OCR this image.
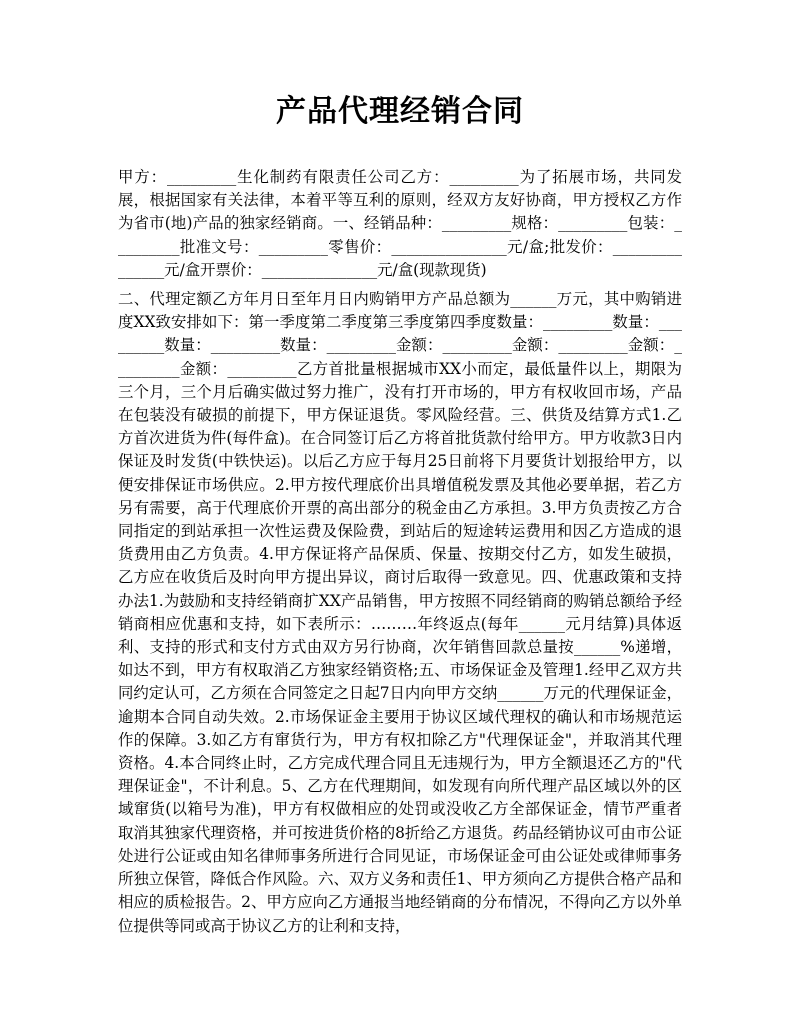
产品代理经销合同

甲方：_________生化制药有限责任公司乙方：_________为了拓展市场，共同发展，根据国家有关法律，本着平等互利的原则，经双方友好协商，甲方授权乙方作为省市(地)产品的独家经销商。一、经销品种：_________规格：_________包装：_________批准文号：_________零售价：_______________元/盒;批发价：_______________元/盒开票价：_______________元/盒(现款现货)

二、代理定额乙方年月日至年月日内购销甲方产品总额为______万元，其中购销进度XX致安排如下：第一季度第二季度第三季度第四季度数量：_________数量：_________数量：_________数量：_________金额：_________金额：_________金额：_________金额：_________乙方首批量根据城市XX小而定，最低量件以上，期限为三个月，三个月后确实做过努力推广，没有打开市场的，甲方有权收回市场，产品在包装没有破损的前提下，甲方保证退货。零风险经营。三、供货及结算方式1.乙方首次进货为件(每件盒)。在合同签订后乙方将首批货款付给甲方。甲方收款3日内保证及时发货(中铁快运)。以后乙方应于每月25日前将下月要货计划报给甲方，以便安排保证市场供应。2.甲方按代理底价出具增值税发票及其他必要单据，若乙方另有需要，高于代理底价开票的高出部分的税金由乙方承担。3.甲方负责按乙方合同指定的到站承担一次性运费及保险费，到站后的短途转运费用和因乙方造成的退货费用由乙方负责。4.甲方保证将产品保质、保量、按期交付乙方，如发生破损，乙方应在收货后及时向甲方提出异议，商讨后取得一致意见。四、优惠政策和支持办法1.为鼓励和支持经销商扩XX产品销售，甲方按照不同经销商的购销总额给予经销商相应优惠和支持，如下表所示：………年终返点(每年______元月结算)具体返利、支持的形式和支付方式由双方另行协商，次年销售回款总量按______%递增，如达不到，甲方有权取消乙方独家经销资格;五、市场保证金及管理1.经甲乙双方共同约定认可，乙方须在合同签定之日起7日内向甲方交纳______万元的代理保证金，逾期本合同自动失效。2.市场保证金主要用于协议区域代理权的确认和市场规范运作的保障。3.如乙方有窜货行为，甲方有权扣除乙方"代理保证金"，并取消其代理资格。4.本合同终止时，乙方完成代理合同且无违规行为，甲方全额退还乙方的"代理保证金"，不计利息。5、乙方在代理期间，如发现有向所代理产品区域以外的区域窜货(以箱号为准)，甲方有权做相应的处罚或没收乙方全部保证金，情节严重者取消其独家代理资格，并可按进货价格的8折给乙方退货。药品经销协议可由市公证处进行公证或由知名律师事务所进行合同见证，市场保证金可由公证处或律师事务所独立保管，降低合作风险。六、双方义务和责任1、甲方须向乙方提供合格产品和相应的质检报告。2、甲方应向乙方通报当地经销商的分布情况，不得向乙方以外单位提供等同或高于协议乙方的让利和支持，
